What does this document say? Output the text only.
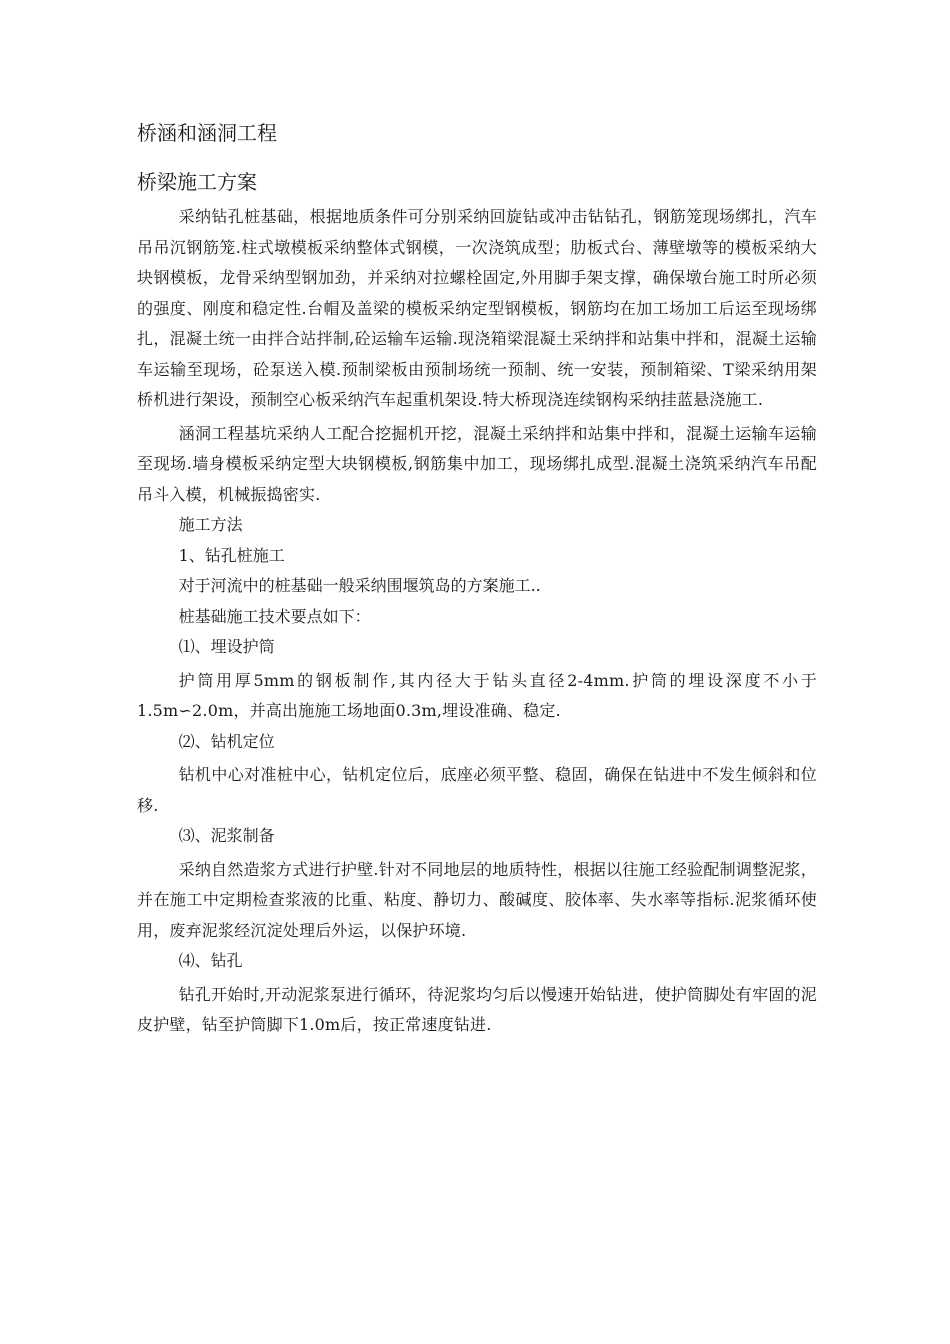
桥涵和涵洞工程
桥梁施工方案

采纳钻孔桩基础，根据地质条件可分别采纳回旋钻或冲击钻钻孔，钢筋笼现场绑扎，汽车吊吊沉钢筋笼.柱式墩模板采纳整体式钢模，一次浇筑成型；肋板式台、薄壁墩等的模板采纳大块钢模板，龙骨采纳型钢加劲，并采纳对拉螺栓固定,外用脚手架支撑，确保墩台施工时所必须的强度、刚度和稳定性.台帽及盖梁的模板采纳定型钢模板，钢筋均在加工场加工后运至现场绑扎，混凝土统一由拌合站拌制,砼运输车运输.现浇箱梁混凝土采纳拌和站集中拌和，混凝土运输车运输至现场，砼泵送入模.预制梁板由预制场统一预制、统一安装，预制箱梁、T梁采纳用架桥机进行架设，预制空心板采纳汽车起重机架设.特大桥现浇连续钢构采纳挂蓝悬浇施工.

涵洞工程基坑采纳人工配合挖掘机开挖，混凝土采纳拌和站集中拌和，混凝土运输车运输至现场.墙身模板采纳定型大块钢模板,钢筋集中加工，现场绑扎成型.混凝土浇筑采纳汽车吊配吊斗入模，机械振捣密实.

施工方法

1、钻孔桩施工

对于河流中的桩基础一般采纳围堰筑岛的方案施工..

桩基础施工技术要点如下：

⑴、埋设护筒

护筒用厚5mm的钢板制作,其内径大于钻头直径2-4mm.护筒的埋设深度不小于1.5m∽2.0m，并高出施施工场地面0.3m,埋设准确、稳定.

⑵、钻机定位

钻机中心对准桩中心，钻机定位后，底座必须平整、稳固，确保在钻进中不发生倾斜和位移.

⑶、泥浆制备

采纳自然造浆方式进行护壁.针对不同地层的地质特性，根据以往施工经验配制调整泥浆，并在施工中定期检查浆液的比重、粘度、静切力、酸碱度、胶体率、失水率等指标.泥浆循环使用，废弃泥浆经沉淀处理后外运，以保护环境.

⑷、钻孔

钻孔开始时,开动泥浆泵进行循环，待泥浆均匀后以慢速开始钻进，使护筒脚处有牢固的泥皮护壁，钻至护筒脚下1.0m后，按正常速度钻进.
